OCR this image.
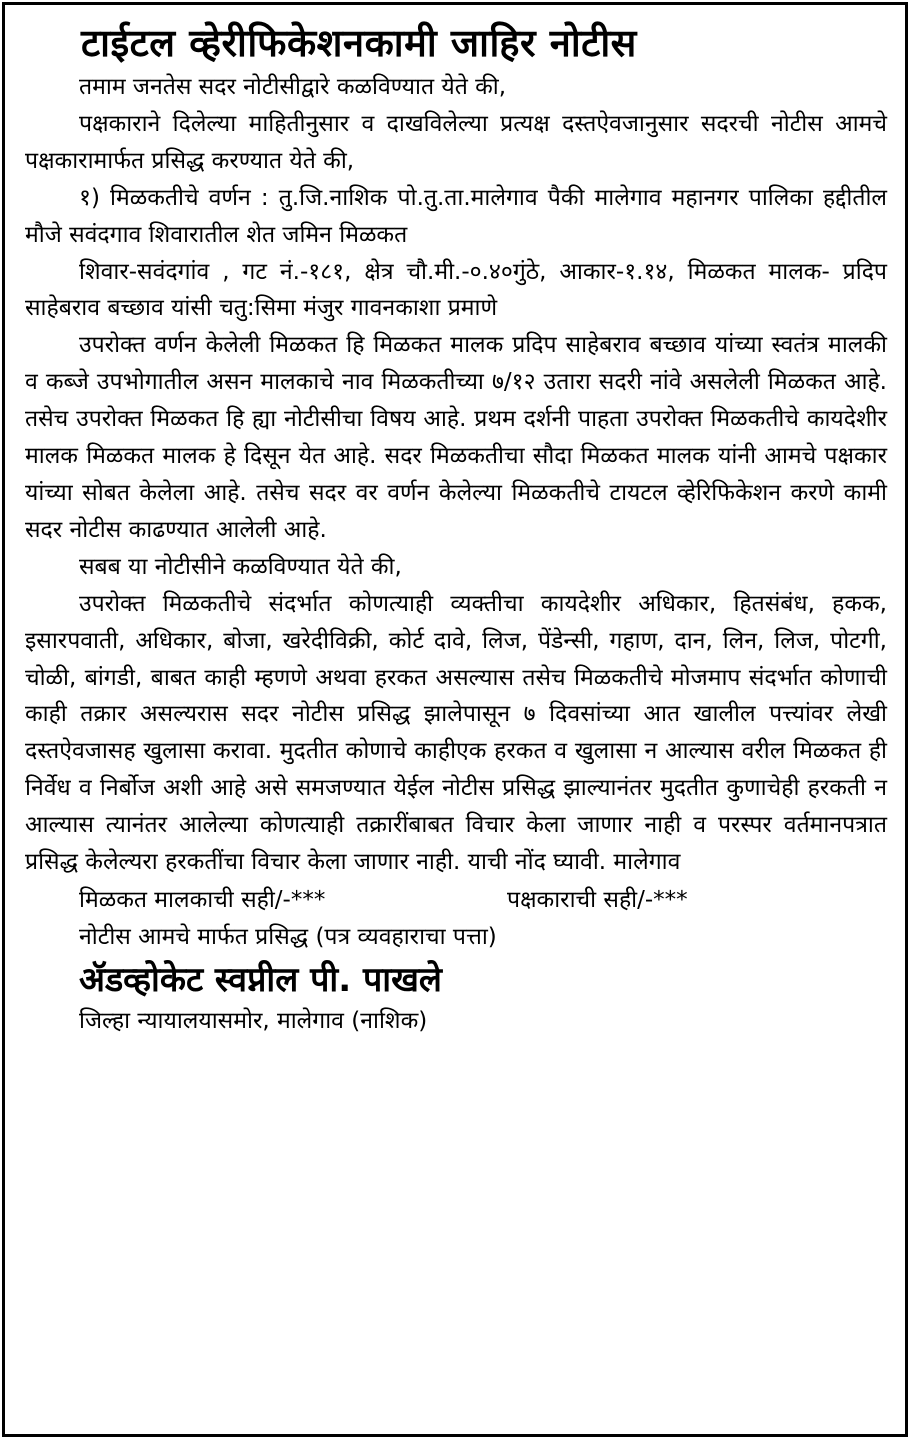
टाईटल व्हेरीफिकेशनकामी जाहिर नोटीस

तमाम जनतेस सदर नोटीसीद्वारे कळविण्यात येते की,

पक्षकाराने दिलेल्या माहितीनुसार व दाखविलेल्या प्रत्यक्ष दस्तऐवजानुसार सदरची नोटीस आमचे पक्षकारामार्फत प्रसिद्ध करण्यात येते की,

१) मिळकतीचे वर्णन : तु.जि.नाशिक पो.तु.ता.मालेगाव पैकी मालेगाव महानगर पालिका हद्दीतील मौजे सवंदगाव शिवारातील शेत जमिन मिळकत

शिवार-सवंदगांव , गट नं.-१८१, क्षेत्र चौ.मी.-०.४०गुंठे, आकार-१.१४, मिळकत मालक- प्रदिप साहेबराव बच्छाव यांसी चतु:सिमा मंजुर गावनकाशा प्रमाणे

उपरोक्त वर्णन केलेली मिळकत हि मिळकत मालक प्रदिप साहेबराव बच्छाव यांच्या स्वतंत्र मालकी व कब्जे उपभोगातील असन मालकाचे नाव मिळकतीच्या ७/१२ उतारा सदरी नांवे असलेली मिळकत आहे. तसेच उपरोक्त मिळकत हि ह्या नोटीसीचा विषय आहे. प्रथम दर्शनी पाहता उपरोक्त मिळकतीचे कायदेशीर मालक मिळकत मालक हे दिसून येत आहे. सदर मिळकतीचा सौदा मिळकत मालक यांनी आमचे पक्षकार यांच्या सोबत केलेला आहे. तसेच सदर वर वर्णन केलेल्या मिळकतीचे टायटल व्हेरिफिकेशन करणे कामी सदर नोटीस काढण्यात आलेली आहे.

सबब या नोटीसीने कळविण्यात येते की,

उपरोक्त मिळकतीचे संदर्भात कोणत्याही व्यक्तीचा कायदेशीर अधिकार, हितसंबंध, हकक, इसारपवाती, अधिकार, बोजा, खरेदीविक्री, कोर्ट दावे, लिज, पेंडेन्सी, गहाण, दान, लिन, लिज, पोटगी, चोळी, बांगडी, बाबत काही म्हणणे अथवा हरकत असल्यास तसेच मिळकतीचे मोजमाप संदर्भात कोणाची काही तक्रार असल्यरास सदर नोटीस प्रसिद्ध झालेपासून ७ दिवसांच्या आत खालील पत्त्यांवर लेखी दस्तऐवजासह खुलासा करावा. मुदतीत कोणाचे काहीएक हरकत व खुलासा न आल्यास वरील मिळकत ही निर्वेध व निर्बोज अशी आहे असे समजण्यात येईल नोटीस प्रसिद्ध झाल्यानंतर मुदतीत कुणाचेही हरकती न आल्यास त्यानंतर आलेल्या कोणत्याही तक्रारींबाबत विचार केला जाणार नाही व परस्पर वर्तमानपत्रात प्रसिद्ध केलेल्यरा हरकतींचा विचार केला जाणार नाही. याची नोंद घ्यावी. मालेगाव

मिळकत मालकाची सही/-***	पक्षकाराची सही/-***
नोटीस आमचे मार्फत प्रसिद्ध (पत्र व्यवहाराचा पत्ता)
ॲडव्होकेट स्वप्नील पी. पाखले
जिल्हा न्यायालयासमोर, मालेगाव (नाशिक)
